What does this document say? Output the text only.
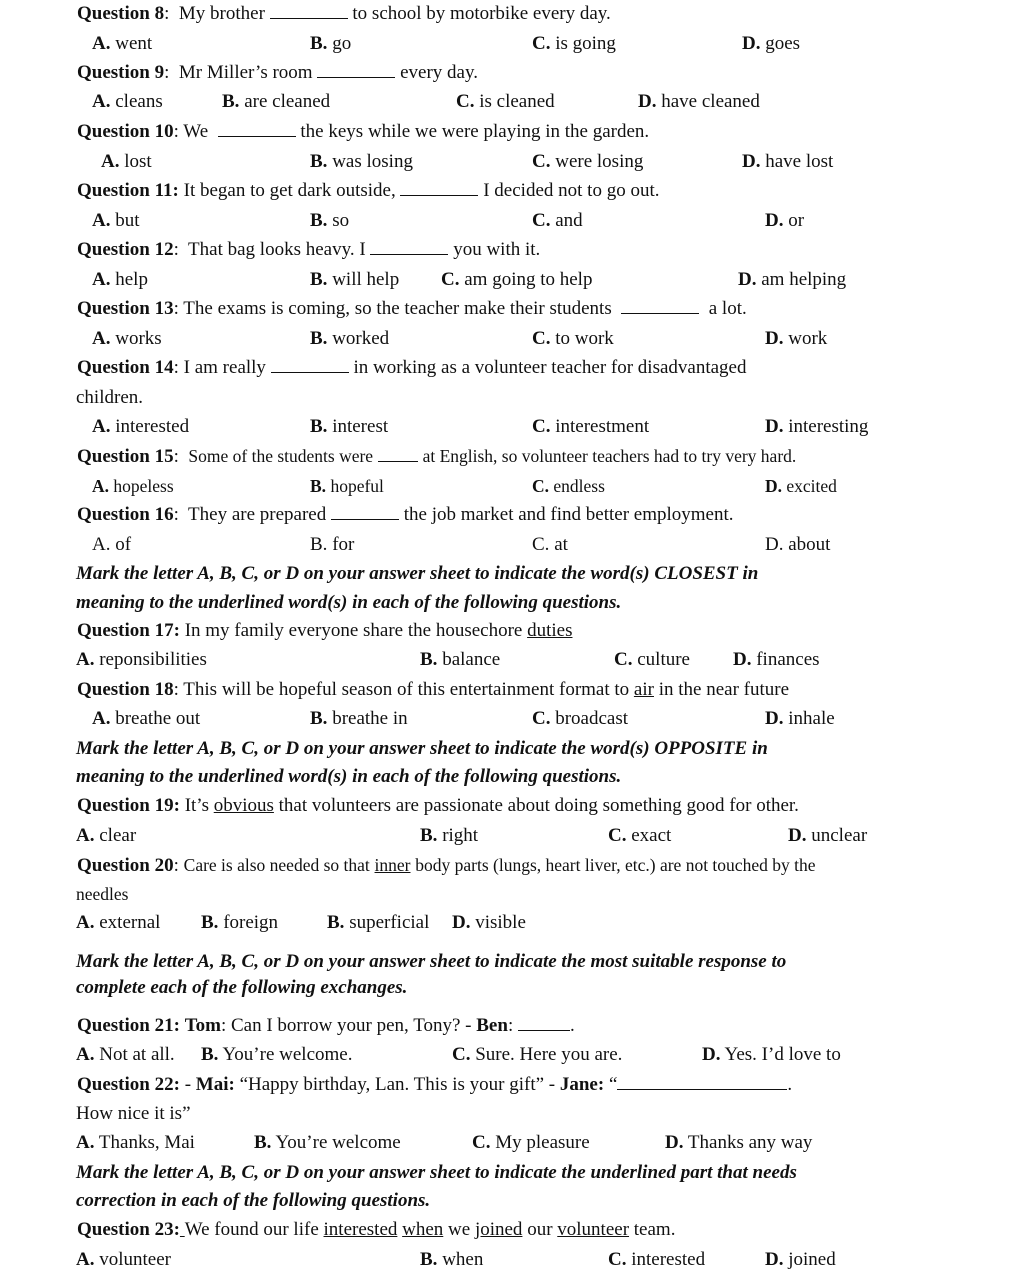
Question 8:  My brother	to school by motorbike every day.
A. went	B. go	C. is going	D. goes
Question 9:  Mr Miller’s room	every day.
A. cleans	B. are cleaned	C. is cleaned	D. have cleaned
Question 10: We	the keys while we were playing in the garden.
A. lost	B. was losing	C. were losing	D. have lost
Question 11: It began to get dark outside,	I decided not to go out.
A. but	B. so	C. and	D. or
Question 12:  That bag looks heavy. I	you with it.
A. help	B. will help C. am going to help	D. am helping
Question 13: The exams is coming, so the teacher make their students	a lot.
A. works	B. worked	C. to work	D. work
Question 14: I am really	in working as a volunteer teacher for disadvantaged
children.
A. interested	B. interest	C. interestment	D. interesting
Question 15:  Some of the students were	at English, so volunteer teachers had to try very hard.
A. hopeless	B. hopeful	C. endless	D. excited
Question 16:  They are prepared	the job market and find better employment.
A. of	B. for	C. at	D. about
Mark the letter A, B, C, or D on your answer sheet to indicate the word(s) CLOSEST in
meaning to the underlined word(s) in each of the following questions.
Question 17: In my family everyone share the housechore duties
A. reponsibilities	B. balance	C. culture D. finances
Question 18: This will be hopeful season of this entertainment format to air in the near future
A. breathe out	B. breathe in	C. broadcast	D. inhale
Mark the letter A, B, C, or D on your answer sheet to indicate the word(s) OPPOSITE in
meaning to the underlined word(s) in each of the following questions.
Question 19: It’s obvious that volunteers are passionate about doing something good for other.
A. clear	B. right	C. exact	D. unclear
Question 20: Care is also needed so that inner body parts (lungs, heart liver, etc.) are not touched by the
needles
A. external B. foreign	B. superficial D. visible
Mark the letter A, B, C, or D on your answer sheet to indicate the most suitable response to
complete each of the following exchanges.
Question 21: Tom: Can I borrow your pen, Tony? - Ben:	.
A. Not at all. B. You’re welcome.	C. Sure. Here you are.	D. Yes. I’d love to
Question 22: - Mai: “Happy birthday, Lan. This is your gift” - Jane: “	.
How nice it is”
A. Thanks, Mai	B. You’re welcome	C. My pleasure	D. Thanks any way
Mark the letter A, B, C, or D on your answer sheet to indicate the underlined part that needs
correction in each of the following questions.
Question 23: We found our life interested when we joined our volunteer team.
A. volunteer	B. when	C. interested	D. joined
